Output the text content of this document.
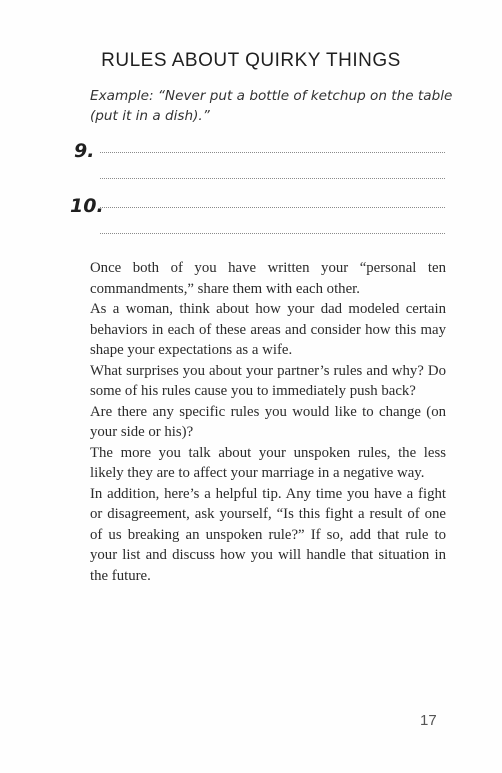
RULES ABOUT QUIRKY THINGS
Example: “Never put a bottle of ketchup on the table (put it in a dish).”
9.
10.

Once both of you have written your “personal ten commandments,” share them with each other.

As a woman, think about how your dad modeled certain behaviors in each of these areas and consider how this may shape your expectations as a wife.

What surprises you about your partner’s rules and why? Do some of his rules cause you to immediately push back?

Are there any specific rules you would like to change (on your side or his)?

The more you talk about your unspoken rules, the less likely they are to affect your marriage in a negative way.

In addition, here’s a helpful tip. Any time you have a fight or disagreement, ask yourself, “Is this fight a result of one of us breaking an unspoken rule?” If so, add that rule to your list and discuss how you will handle that situation in the future.

17
